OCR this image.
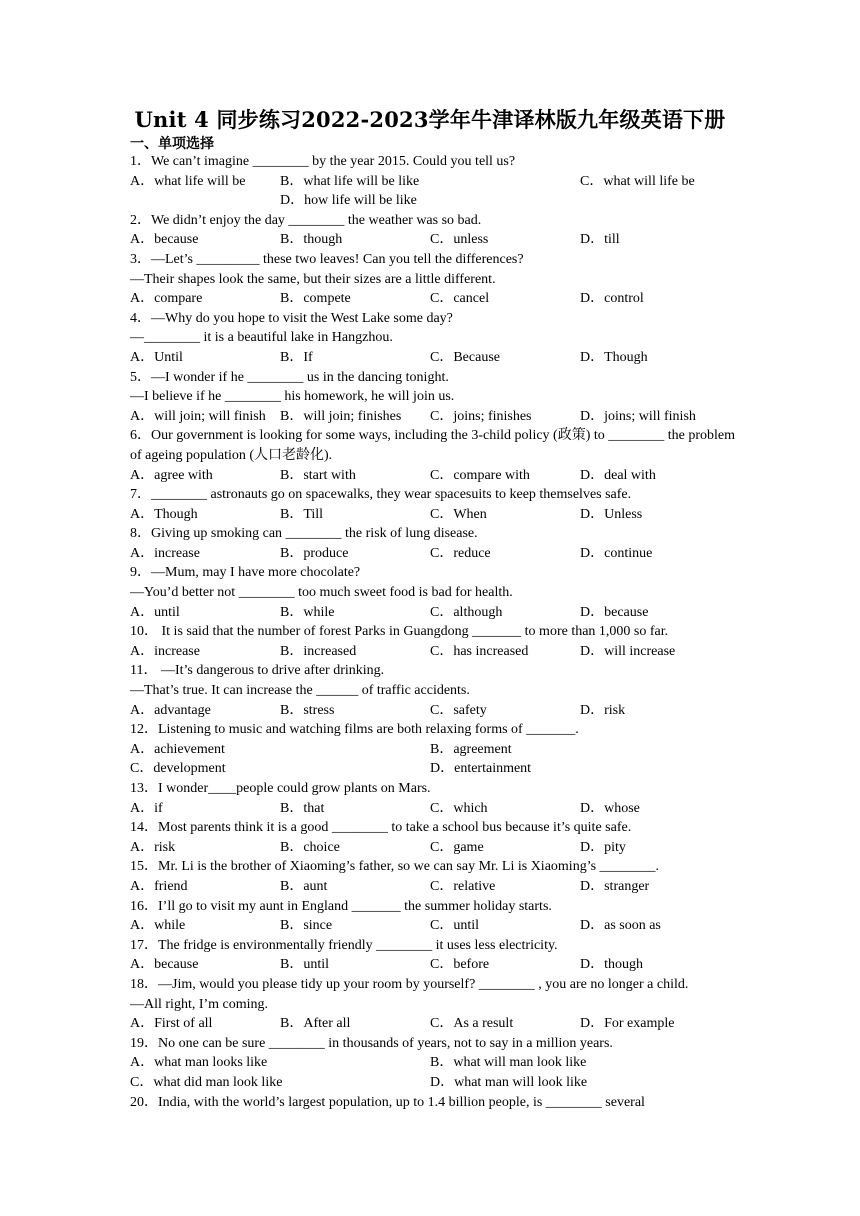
Unit 4 同步练习2022-2023学年牛津译林版九年级英语下册
一、单项选择
1．We can’t imagine ________ by the year 2015. Could you tell us?
A．what life will be B．what life will be like	C．what will life be
D．how life will be like
2．We didn’t enjoy the day ________ the weather was so bad.
A．because	B．though	C．unless	D．till
3．—Let’s _________ these two leaves! Can you tell the differences?
—Their shapes look the same, but their sizes are a little different.
A．compare	B．compete	C．cancel	D．control
4．—Why do you hope to visit the West Lake some day?
—________ it is a beautiful lake in Hangzhou.
A．Until	B．If	C．Because	D．Though
5．—I wonder if he ________ us in the dancing tonight.
—I believe if he ________ his homework, he will join us.
A．will join; will finish B．will join; finishes C．joins; finishes	D．joins; will finish
6．Our government is looking for some ways, including the 3-child policy (政策) to ________ the problem of ageing population (人口老龄化).
A．agree with	B．start with	C．compare with	D．deal with
7．________ astronauts go on spacewalks, they wear spacesuits to keep themselves safe.
A．Though	B．Till	C．When	D．Unless
8．Giving up smoking can ________ the risk of lung disease.
A．increase	B．produce	C．reduce	D．continue
9．—Mum, may I have more chocolate?
—You’d better not ________ too much sweet food is bad for health.
A．until	B．while	C．although	D．because
10． It is said that the number of forest Parks in Guangdong _______ to more than 1,000 so far.
A．increase	B．increased	C．has increased	D．will increase
11． —It’s dangerous to drive after drinking.
—That’s true. It can increase the ______ of traffic accidents.
A．advantage	B．stress	C．safety	D．risk
12．Listening to music and watching films are both relaxing forms of _______.
A．achievement	B．agreement
C．development	D．entertainment
13．I wonder____people could grow plants on Mars.
A．if	B．that	C．which	D．whose
14．Most parents think it is a good ________ to take a school bus because it’s quite safe.
A．risk	B．choice	C．game	D．pity
15．Mr. Li is the brother of Xiaoming’s father, so we can say Mr. Li is Xiaoming’s ________.
A．friend	B．aunt	C．relative	D．stranger
16．I’ll go to visit my aunt in England _______ the summer holiday starts.
A．while	B．since	C．until	D．as soon as
17．The fridge is environmentally friendly ________ it uses less electricity.
A．because	B．until	C．before	D．though
18．—Jim, would you please tidy up your room by yourself? ________ , you are no longer a child.
—All right, I’m coming.
A．First of all	B．After all	C．As a result	D．For example
19．No one can be sure ________ in thousands of years, not to say in a million years.
A．what man looks like	B．what will man look like
C．what did man look like	D．what man will look like
20．India, with the world’s largest population, up to 1.4 billion people, is ________ several
